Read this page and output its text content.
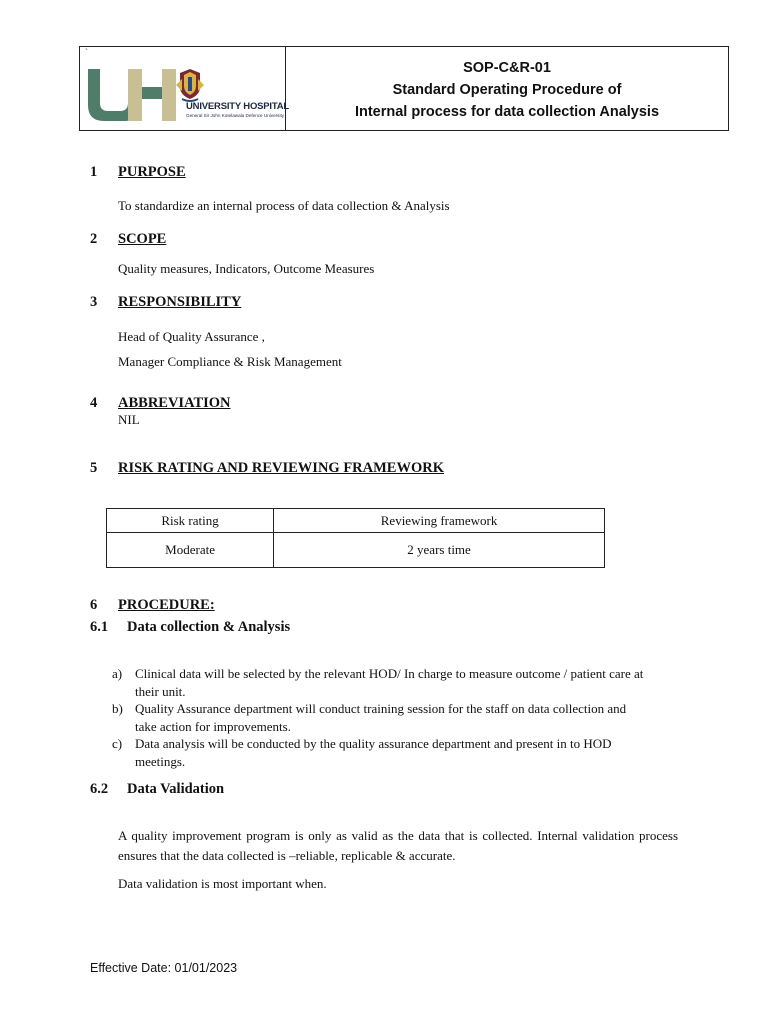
`
UNIVERSITY HOSPITAL
General Sir John Kotelawala Defence University
SOP-C&R-01
Standard Operating Procedure of
Internal process for data collection Analysis
1 PURPOSE
To standardize an internal process of data collection & Analysis
2 SCOPE
Quality measures, Indicators, Outcome Measures
3 RESPONSIBILITY
Head of Quality Assurance ,
Manager Compliance & Risk Management
4 ABBREVIATION
NIL
5 RISK RATING AND REVIEWING FRAMEWORK
Risk rating	Reviewing framework
Moderate	2 years time
6 PROCEDURE:
6.1 Data collection & Analysis
a) Clinical data will be selected by the relevant HOD/ In charge to measure outcome / patient care at
their unit.
b) Quality Assurance department will conduct training session for the staff on data collection and
take action for improvements.
c) Data analysis will be conducted by the quality assurance department and present in to HOD
meetings.
6.2 Data Validation
A quality improvement program is only as valid as the data that is collected. Internal validation process ensures that the data collected is –reliable, replicable & accurate.
Data validation is most important when.
Effective Date: 01/01/2023
